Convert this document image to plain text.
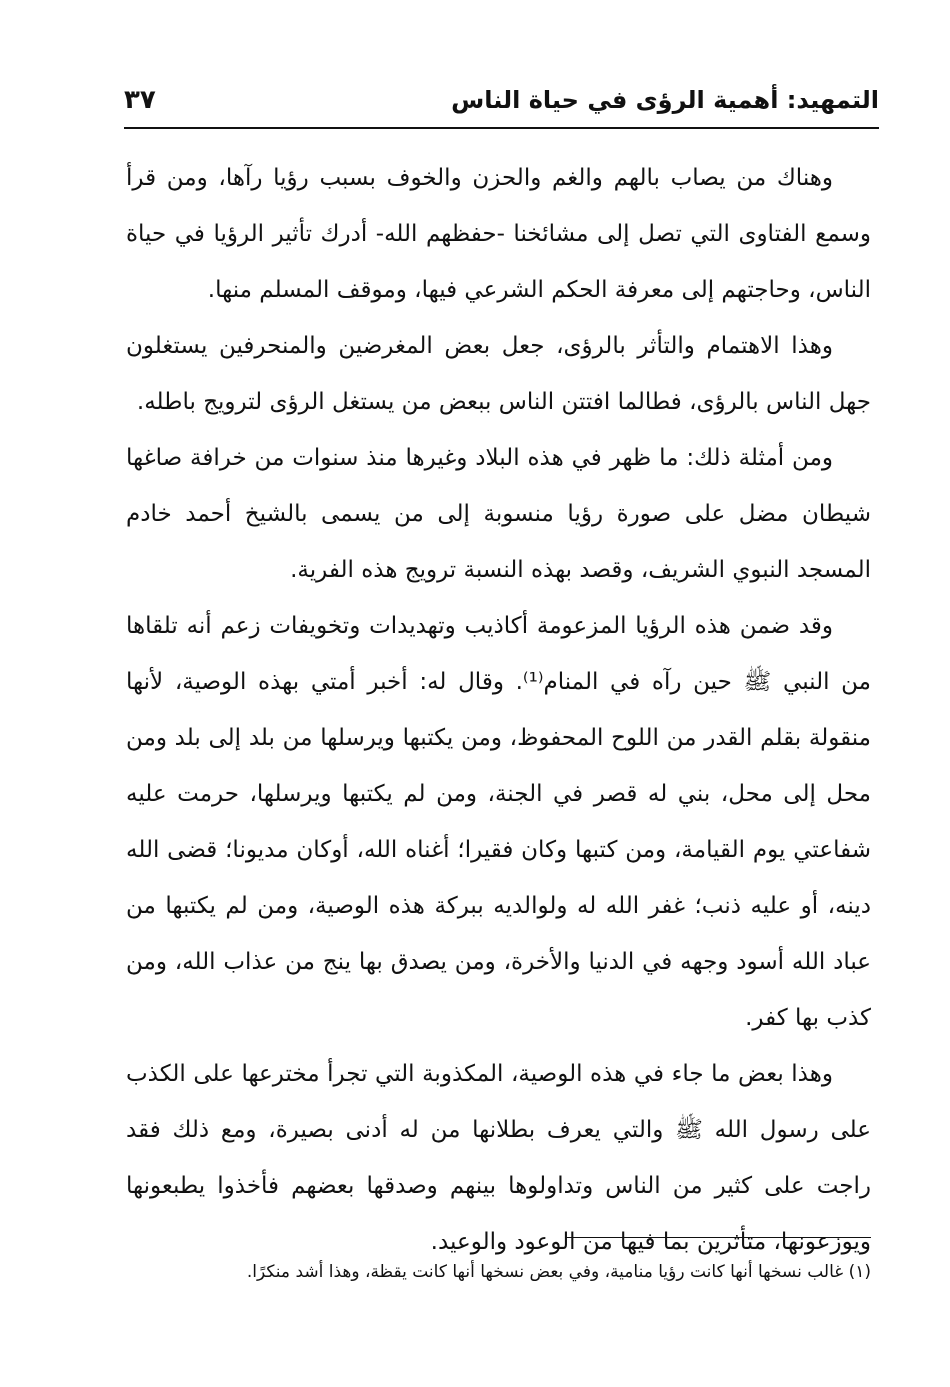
التمهيد: أهمية الرؤى في حياة الناس
٣٧

وهناك من يصاب بالهم والغم والحزن والخوف بسبب رؤيا رآها، ومن قرأ وسمع الفتاوى التي تصل إلى مشائخنا -حفظهم الله- أدرك تأثير الرؤيا في حياة الناس، وحاجتهم إلى معرفة الحكم الشرعي فيها، وموقف المسلم منها.

وهذا الاهتمام والتأثر بالرؤى، جعل بعض المغرضين والمنحرفين يستغلون جهل الناس بالرؤى، فطالما افتتن الناس ببعض من يستغل الرؤى لترويج باطله.

ومن أمثلة ذلك: ما ظهر في هذه البلاد وغيرها منذ سنوات من خرافة صاغها شيطان مضل على صورة رؤيا منسوبة إلى من يسمى بالشيخ أحمد خادم المسجد النبوي الشريف، وقصد بهذه النسبة ترويج هذه الفرية.

وقد ضمن هذه الرؤيا المزعومة أكاذيب وتهديدات وتخويفات زعم أنه تلقاها من النبي ﷺ حين رآه في المنام⁽¹⁾. وقال له: أخبر أمتي بهذه الوصية، لأنها منقولة بقلم القدر من اللوح المحفوظ، ومن يكتبها ويرسلها من بلد إلى بلد ومن محل إلى محل، بني له قصر في الجنة، ومن لم يكتبها ويرسلها، حرمت عليه شفاعتي يوم القيامة، ومن كتبها وكان فقيرا؛ أغناه الله، أوكان مديونا؛ قضى الله دينه، أو عليه ذنب؛ غفر الله له ولوالديه ببركة هذه الوصية، ومن لم يكتبها من عباد الله أسود وجهه في الدنيا والأخرة، ومن يصدق بها ينج من عذاب الله، ومن كذب بها كفر.

وهذا بعض ما جاء في هذه الوصية، المكذوبة التي تجرأ مخترعها على الكذب على رسول الله ﷺ والتي يعرف بطلانها من له أدنى بصيرة، ومع ذلك فقد راجت على كثير من الناس وتداولوها بينهم وصدقها بعضهم فأخذوا يطبعونها ويوزعونها، متأثرين بما فيها من الوعود والوعيد.

(١) غالب نسخها أنها كانت رؤيا منامية، وفي بعض نسخها أنها كانت يقظة، وهذا أشد منكرًا.
